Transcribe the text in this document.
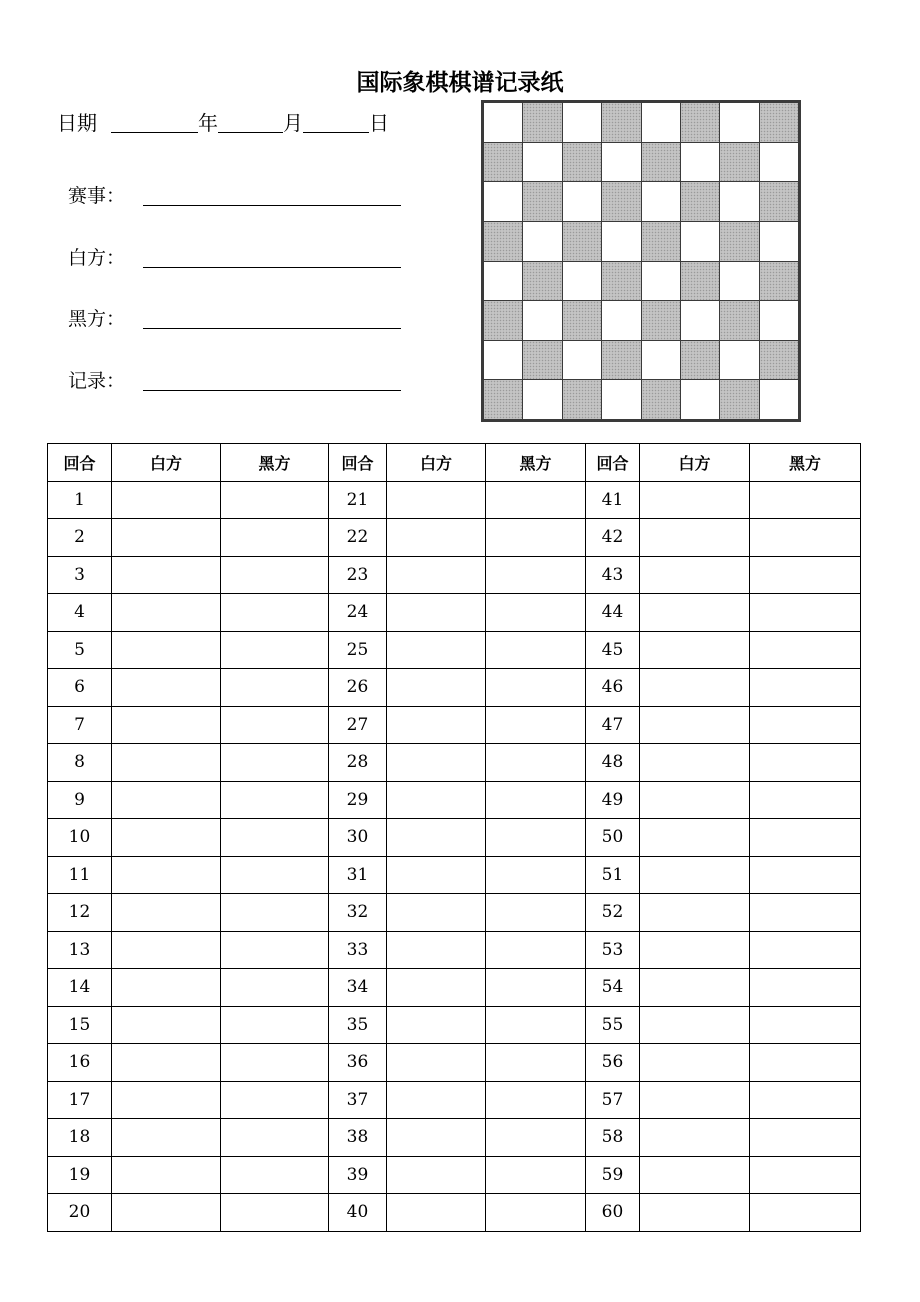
国际象棋棋谱记录纸
日期	年	月	日
赛事：
白方：
黑方：
记录：
回合	白方	黑方	回合	白方	黑方	回合	白方	黑方
1			21			41		
2			22			42		
3			23			43		
4			24			44		
5			25			45		
6			26			46		
7			27			47		
8			28			48		
9			29			49		
10			30			50		
11			31			51		
12			32			52		
13			33			53		
14			34			54		
15			35			55		
16			36			56		
17			37			57		
18			38			58		
19			39			59		
20			40			60		
